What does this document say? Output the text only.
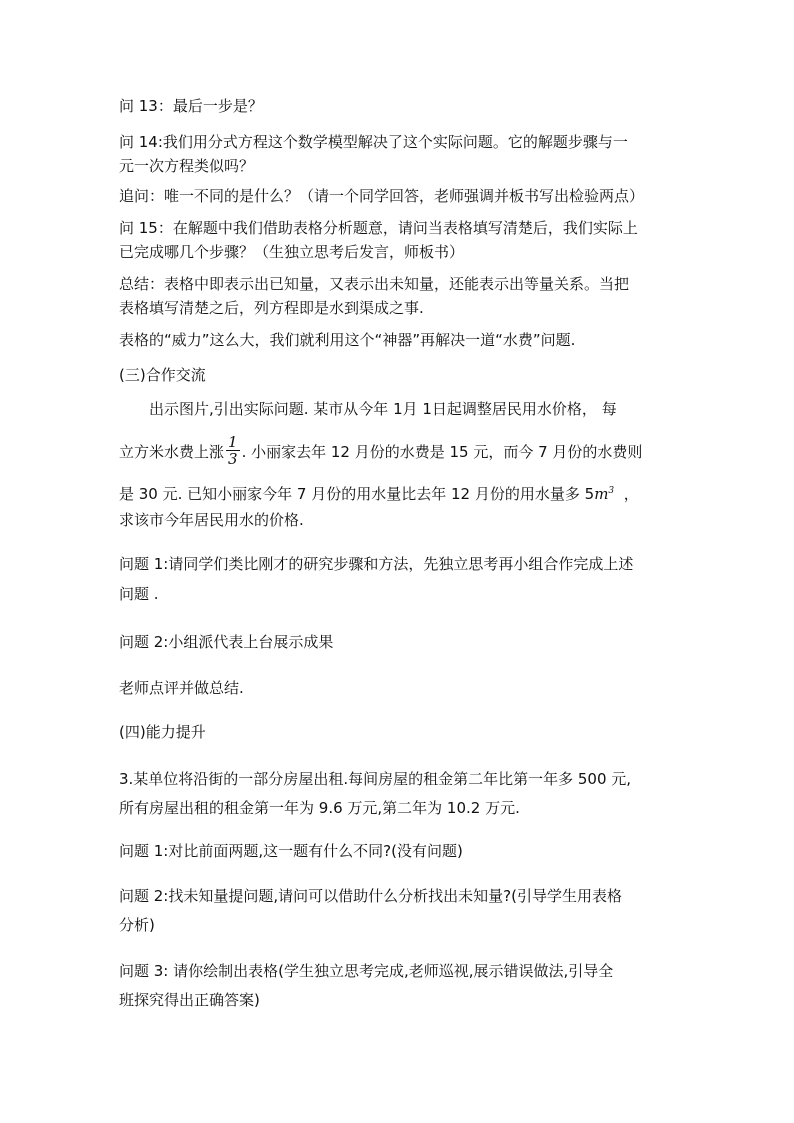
问 13：最后一步是？
问 14:我们用分式方程这个数学模型解决了这个实际问题。它的解题步骤与一
元一次方程类似吗？
追问：唯一不同的是什么？（请一个同学回答，老师强调并板书写出检验两点）
问 15：在解题中我们借助表格分析题意，请问当表格填写清楚后，我们实际上
已完成哪几个步骤？（生独立思考后发言，师板书）
总结：表格中即表示出已知量，又表示出未知量，还能表示出等量关系。当把
表格填写清楚之后，列方程即是水到渠成之事.
表格的“威力”这么大，我们就利用这个“神器”再解决一道“水费”问题.
(三)合作交流
出示图片,引出实际问题. 某市从今年 1月 1日起调整居民用水价格， 每
立方米水费上涨 $\frac{1}{3}$ . 小丽家去年 12 月份的水费是 15 元，而今 7 月份的水费则
是 30 元. 已知小丽家今年 7 月份的用水量比去年 12 月份的用水量多 $5m^3$ ，
求该市今年居民用水的价格.
问题 1:请同学们类比刚才的研究步骤和方法，先独立思考再小组合作完成上述
问题 .
问题 2:小组派代表上台展示成果
老师点评并做总结.
(四)能力提升
3.某单位将沿街的一部分房屋出租.每间房屋的租金第二年比第一年多 500 元,
所有房屋出租的租金第一年为 9.6 万元,第二年为 10.2 万元.
问题 1:对比前面两题,这一题有什么不同?(没有问题)
问题 2:找未知量提问题,请问可以借助什么分析找出未知量?(引导学生用表格
分析)
问题 3: 请你绘制出表格(学生独立思考完成,老师巡视,展示错误做法,引导全
班探究得出正确答案)
